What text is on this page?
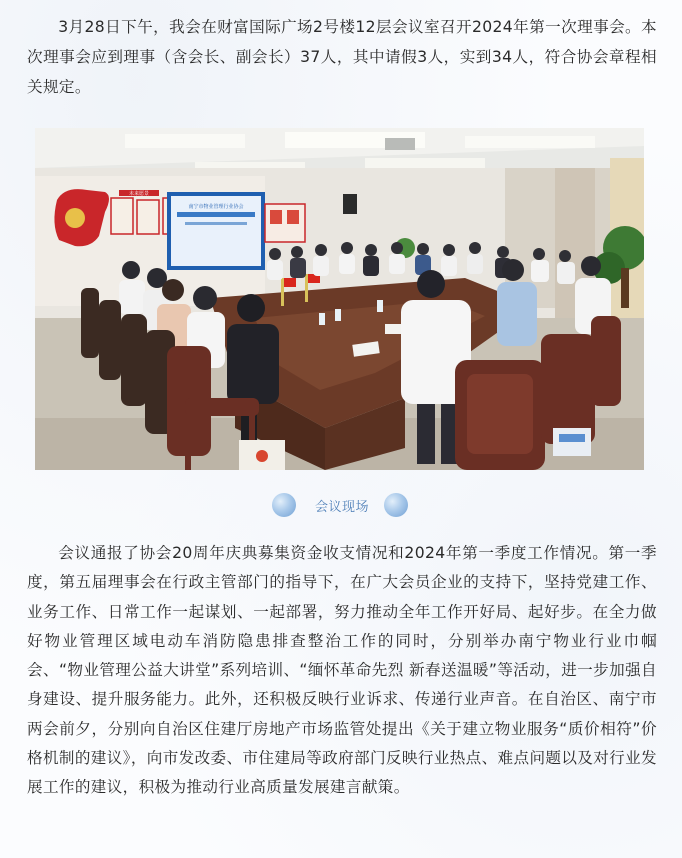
3月28日下午，我会在财富国际广场2号楼12层会议室召开2024年第一次理事会。本次理事会应到理事（含会长、副会长）37人，其中请假3人，实到34人，符合协会章程相关规定。

未来愿景
南宁市物业管理行业协会
会议现场

会议通报了协会20周年庆典募集资金收支情况和2024年第一季度工作情况。第一季度，第五届理事会在行政主管部门的指导下，在广大会员企业的支持下，坚持党建工作、业务工作、日常工作一起谋划、一起部署，努力推动全年工作开好局、起好步。在全力做好物业管理区域电动车消防隐患排查整治工作的同时，分别举办南宁物业行业巾帼会、“物业管理公益大讲堂”系列培训、“缅怀革命先烈 新春送温暖”等活动，进一步加强自身建设、提升服务能力。此外，还积极反映行业诉求、传递行业声音。在自治区、南宁市两会前夕，分别向自治区住建厅房地产市场监管处提出《关于建立物业服务“质价相符”价格机制的建议》，向市发改委、市住建局等政府部门反映行业热点、难点问题以及对行业发展工作的建议，积极为推动行业高质量发展建言献策。
